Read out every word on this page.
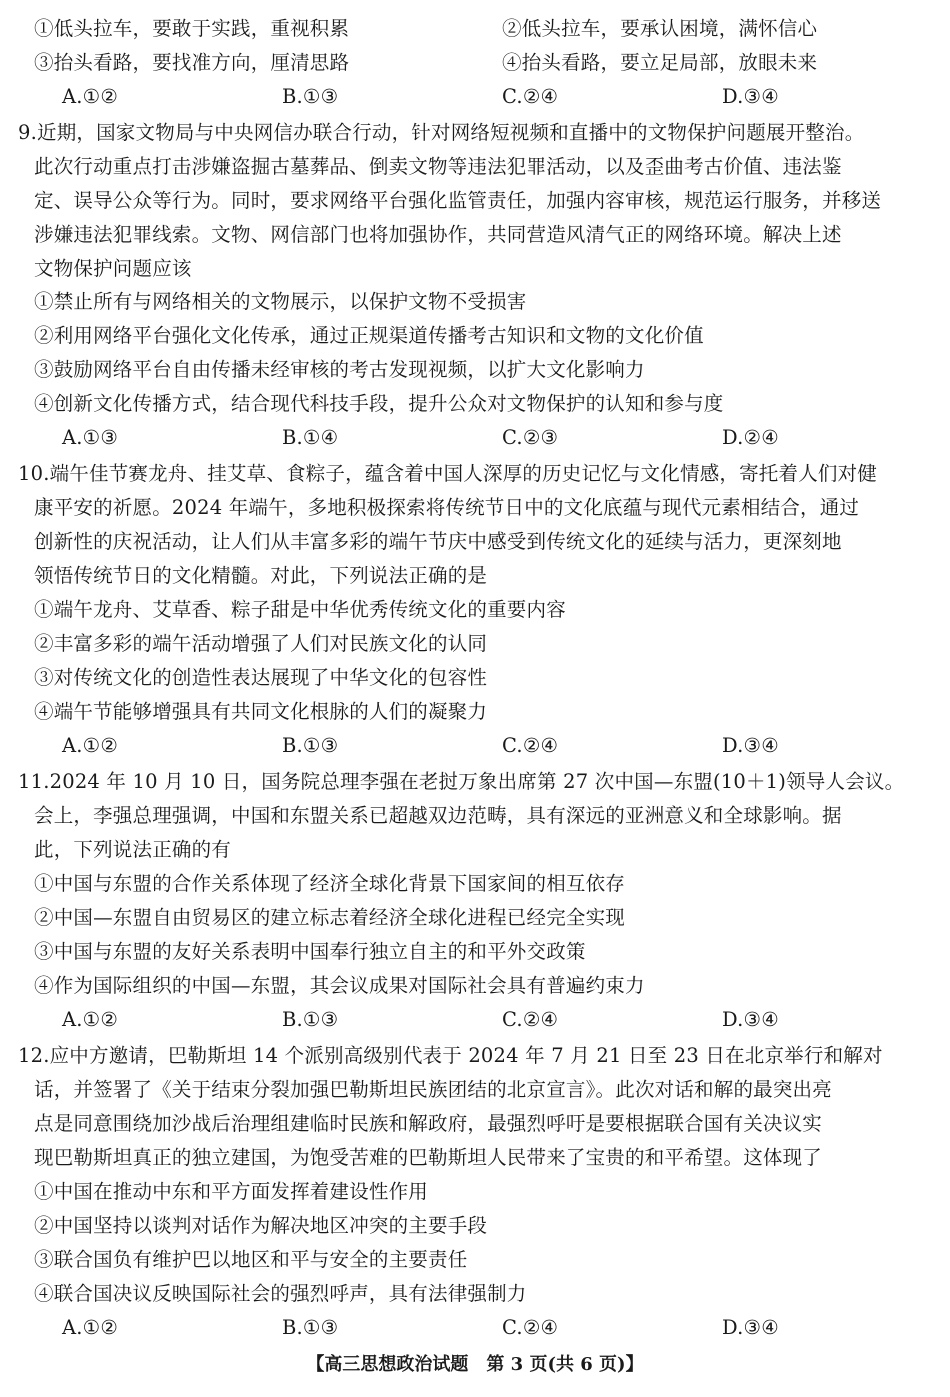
①低头拉车，要敢于实践，重视积累	②低头拉车，要承认困境，满怀信心
③抬头看路，要找准方向，厘清思路	④抬头看路，要立足局部，放眼未来
A.①②	B.①③	C.②④	D.③④
9.近期，国家文物局与中央网信办联合行动，针对网络短视频和直播中的文物保护问题展开整治。
此次行动重点打击涉嫌盗掘古墓葬品、倒卖文物等违法犯罪活动，以及歪曲考古价值、违法鉴
定、误导公众等行为。同时，要求网络平台强化监管责任，加强内容审核，规范运行服务，并移送
涉嫌违法犯罪线索。文物、网信部门也将加强协作，共同营造风清气正的网络环境。解决上述
文物保护问题应该
①禁止所有与网络相关的文物展示，以保护文物不受损害
②利用网络平台强化文化传承，通过正规渠道传播考古知识和文物的文化价值
③鼓励网络平台自由传播未经审核的考古发现视频，以扩大文化影响力
④创新文化传播方式，结合现代科技手段，提升公众对文物保护的认知和参与度
A.①③	B.①④	C.②③	D.②④
10.端午佳节赛龙舟、挂艾草、食粽子，蕴含着中国人深厚的历史记忆与文化情感，寄托着人们对健
康平安的祈愿。2024 年端午，多地积极探索将传统节日中的文化底蕴与现代元素相结合，通过
创新性的庆祝活动，让人们从丰富多彩的端午节庆中感受到传统文化的延续与活力，更深刻地
领悟传统节日的文化精髓。对此，下列说法正确的是
①端午龙舟、艾草香、粽子甜是中华优秀传统文化的重要内容
②丰富多彩的端午活动增强了人们对民族文化的认同
③对传统文化的创造性表达展现了中华文化的包容性
④端午节能够增强具有共同文化根脉的人们的凝聚力
A.①②	B.①③	C.②④	D.③④
11.2024 年 10 月 10 日，国务院总理李强在老挝万象出席第 27 次中国—东盟(10＋1)领导人会议。
会上，李强总理强调，中国和东盟关系已超越双边范畴，具有深远的亚洲意义和全球影响。据
此，下列说法正确的有
①中国与东盟的合作关系体现了经济全球化背景下国家间的相互依存
②中国—东盟自由贸易区的建立标志着经济全球化进程已经完全实现
③中国与东盟的友好关系表明中国奉行独立自主的和平外交政策
④作为国际组织的中国—东盟，其会议成果对国际社会具有普遍约束力
A.①②	B.①③	C.②④	D.③④
12.应中方邀请，巴勒斯坦 14 个派别高级别代表于 2024 年 7 月 21 日至 23 日在北京举行和解对
话，并签署了《关于结束分裂加强巴勒斯坦民族团结的北京宣言》。此次对话和解的最突出亮
点是同意围绕加沙战后治理组建临时民族和解政府，最强烈呼吁是要根据联合国有关决议实
现巴勒斯坦真正的独立建国，为饱受苦难的巴勒斯坦人民带来了宝贵的和平希望。这体现了
①中国在推动中东和平方面发挥着建设性作用
②中国坚持以谈判对话作为解决地区冲突的主要手段
③联合国负有维护巴以地区和平与安全的主要责任
④联合国决议反映国际社会的强烈呼声，具有法律强制力
A.①②	B.①③	C.②④	D.③④
【高三思想政治试题　第 3 页(共 6 页)】
